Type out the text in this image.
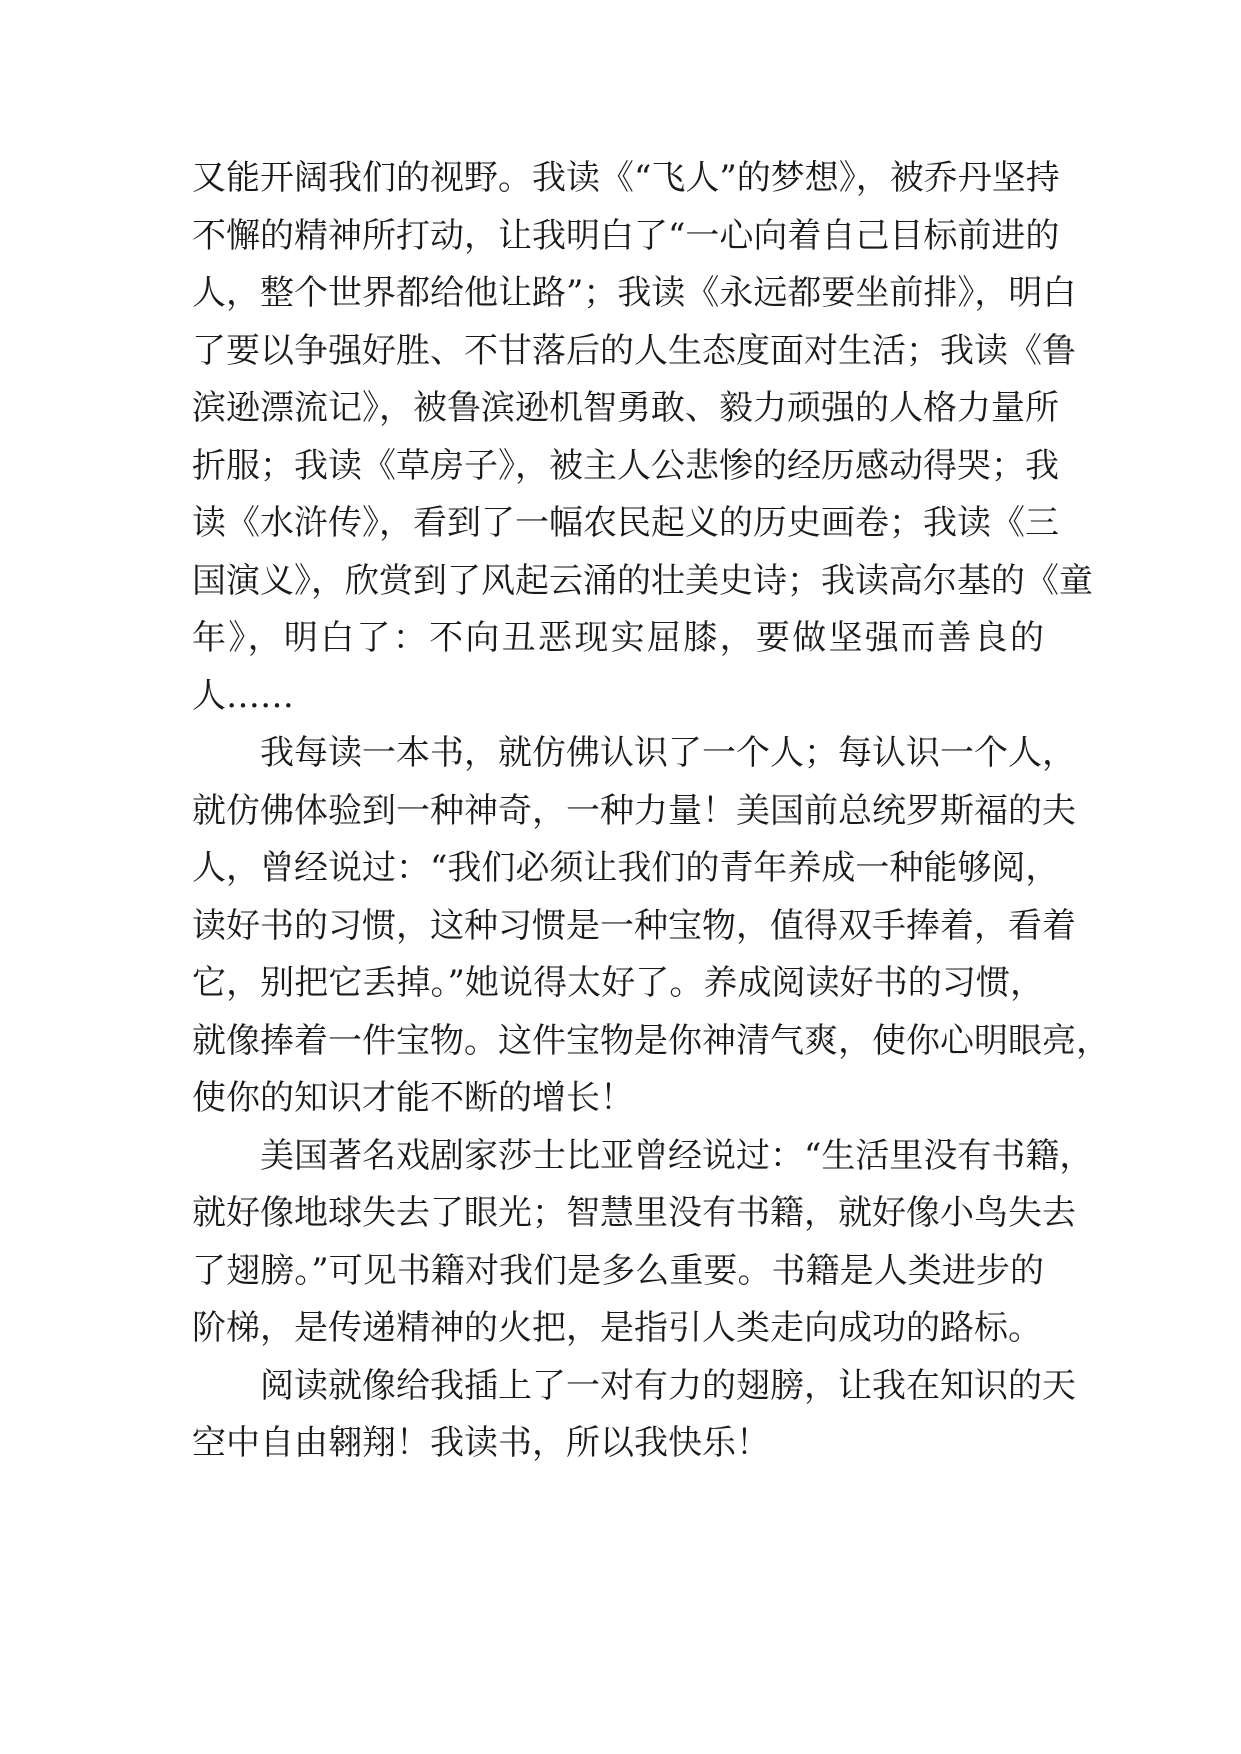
又能开阔我们的视野。我读《“飞人”的梦想》，被乔丹坚持
不懈的精神所打动，让我明白了“一心向着自己目标前进的
人，整个世界都给他让路”；我读《永远都要坐前排》，明白
了要以争强好胜、不甘落后的人生态度面对生活；我读《鲁
滨逊漂流记》，被鲁滨逊机智勇敢、毅力顽强的人格力量所
折服；我读《草房子》，被主人公悲惨的经历感动得哭；我
读《水浒传》，看到了一幅农民起义的历史画卷；我读《三
国演义》，欣赏到了风起云涌的壮美史诗；我读高尔基的《童
年》，明白了：不向丑恶现实屈膝，要做坚强而善良的
人……
我每读一本书，就仿佛认识了一个人；每认识一个人，
就仿佛体验到一种神奇，一种力量！美国前总统罗斯福的夫
人，曾经说过：“我们必须让我们的青年养成一种能够阅，
读好书的习惯，这种习惯是一种宝物，值得双手捧着，看着
它，别把它丢掉。”她说得太好了。养成阅读好书的习惯，
就像捧着一件宝物。这件宝物是你神清气爽，使你心明眼亮，
使你的知识才能不断的增长！
美国著名戏剧家莎士比亚曾经说过：“生活里没有书籍，
就好像地球失去了眼光；智慧里没有书籍，就好像小鸟失去
了翅膀。”可见书籍对我们是多么重要。书籍是人类进步的
阶梯，是传递精神的火把，是指引人类走向成功的路标。
阅读就像给我插上了一对有力的翅膀，让我在知识的天
空中自由翱翔！我读书，所以我快乐！
